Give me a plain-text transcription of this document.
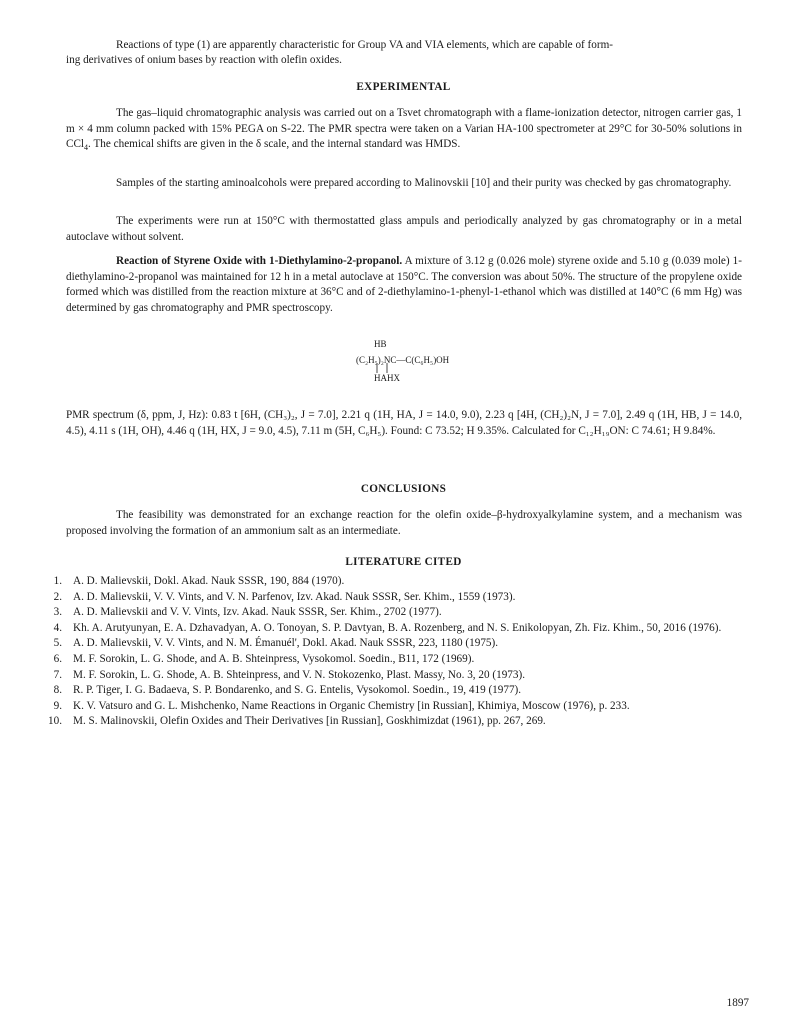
Reactions of type (1) are apparently characteristic for Group VA and VIA elements, which are capable of form-

ing derivatives of onium bases by reaction with olefin oxides.

EXPERIMENTAL

The gas–liquid chromatographic analysis was carried out on a Tsvet chromatograph with a flame-ionization detector, nitrogen carrier gas, 1 m × 4 mm column packed with 15% PEGA on S-22. The PMR spectra were taken on a Varian HA-100 spectrometer at 29°C for 30-50% solutions in CCl$_4$. The chemical shifts are given in the δ scale, and the internal standard was HMDS.

Samples of the starting aminoalcohols were prepared according to Malinovskii [10] and their purity was checked by gas chromatography.

The experiments were run at 150°C with thermostatted glass ampuls and periodically analyzed by gas chromatography or in a metal autoclave without solvent.

Reaction of Styrene Oxide with 1-Diethylamino-2-propanol. A mixture of 3.12 g (0.026 mole) styrene oxide and 5.10 g (0.039 mole) 1-diethylamino-2-propanol was maintained for 12 h in a metal autoclave at 150°C. The conversion was about 50%. The structure of the propylene oxide formed which was distilled from the reaction mixture at 36°C and of 2-diethylamino-1-phenyl-1-ethanol which was distilled at 140°C (6 mm Hg) was determined by gas chromatography and PMR spectroscopy.

HB
(C₂H₅)₂NC—C(C₆H₅)OH
HAHX

PMR spectrum (δ, ppm, J, Hz): 0.83 t [6H, (CH₃)₂, J = 7.0], 2.21 q (1H, HA, J = 14.0, 9.0), 2.23 q [4H, (CH₂)₂N, J = 7.0], 2.49 q (1H, HB, J = 14.0, 4.5), 4.11 s (1H, OH), 4.46 q (1H, HX, J = 9.0, 4.5), 7.11 m (5H, C₆H₅). Found: C 73.52; H 9.35%. Calculated for C₁₂H₁₉ON: C 74.61; H 9.84%.

CONCLUSIONS

The feasibility was demonstrated for an exchange reaction for the olefin oxide–β-hydroxyalkylamine system, and a mechanism was proposed involving the formation of an ammonium salt as an intermediate.

LITERATURE CITED
1. A. D. Malievskii, Dokl. Akad. Nauk SSSR, 190, 884 (1970).
2. A. D. Malievskii, V. V. Vints, and V. N. Parfenov, Izv. Akad. Nauk SSSR, Ser. Khim., 1559 (1973).
3. A. D. Malievskii and V. V. Vints, Izv. Akad. Nauk SSSR, Ser. Khim., 2702 (1977).
4. Kh. A. Arutyunyan, E. A. Dzhavadyan, A. O. Tonoyan, S. P. Davtyan, B. A. Rozenberg, and N. S. Enikolopyan, Zh. Fiz. Khim., 50, 2016 (1976).
5. A. D. Malievskii, V. V. Vints, and N. M. Émanuél', Dokl. Akad. Nauk SSSR, 223, 1180 (1975).
6. M. F. Sorokin, L. G. Shode, and A. B. Shteinpress, Vysokomol. Soedin., B11, 172 (1969).
7. M. F. Sorokin, L. G. Shode, A. B. Shteinpress, and V. N. Stokozenko, Plast. Massy, No. 3, 20 (1973).
8. R. P. Tiger, I. G. Badaeva, S. P. Bondarenko, and S. G. Entelis, Vysokomol. Soedin., 19, 419 (1977).
9. K. V. Vatsuro and G. L. Mishchenko, Name Reactions in Organic Chemistry [in Russian], Khimiya, Moscow (1976), p. 233.
10. M. S. Malinovskii, Olefin Oxides and Their Derivatives [in Russian], Goskhimizdat (1961), pp. 267, 269.
1897
